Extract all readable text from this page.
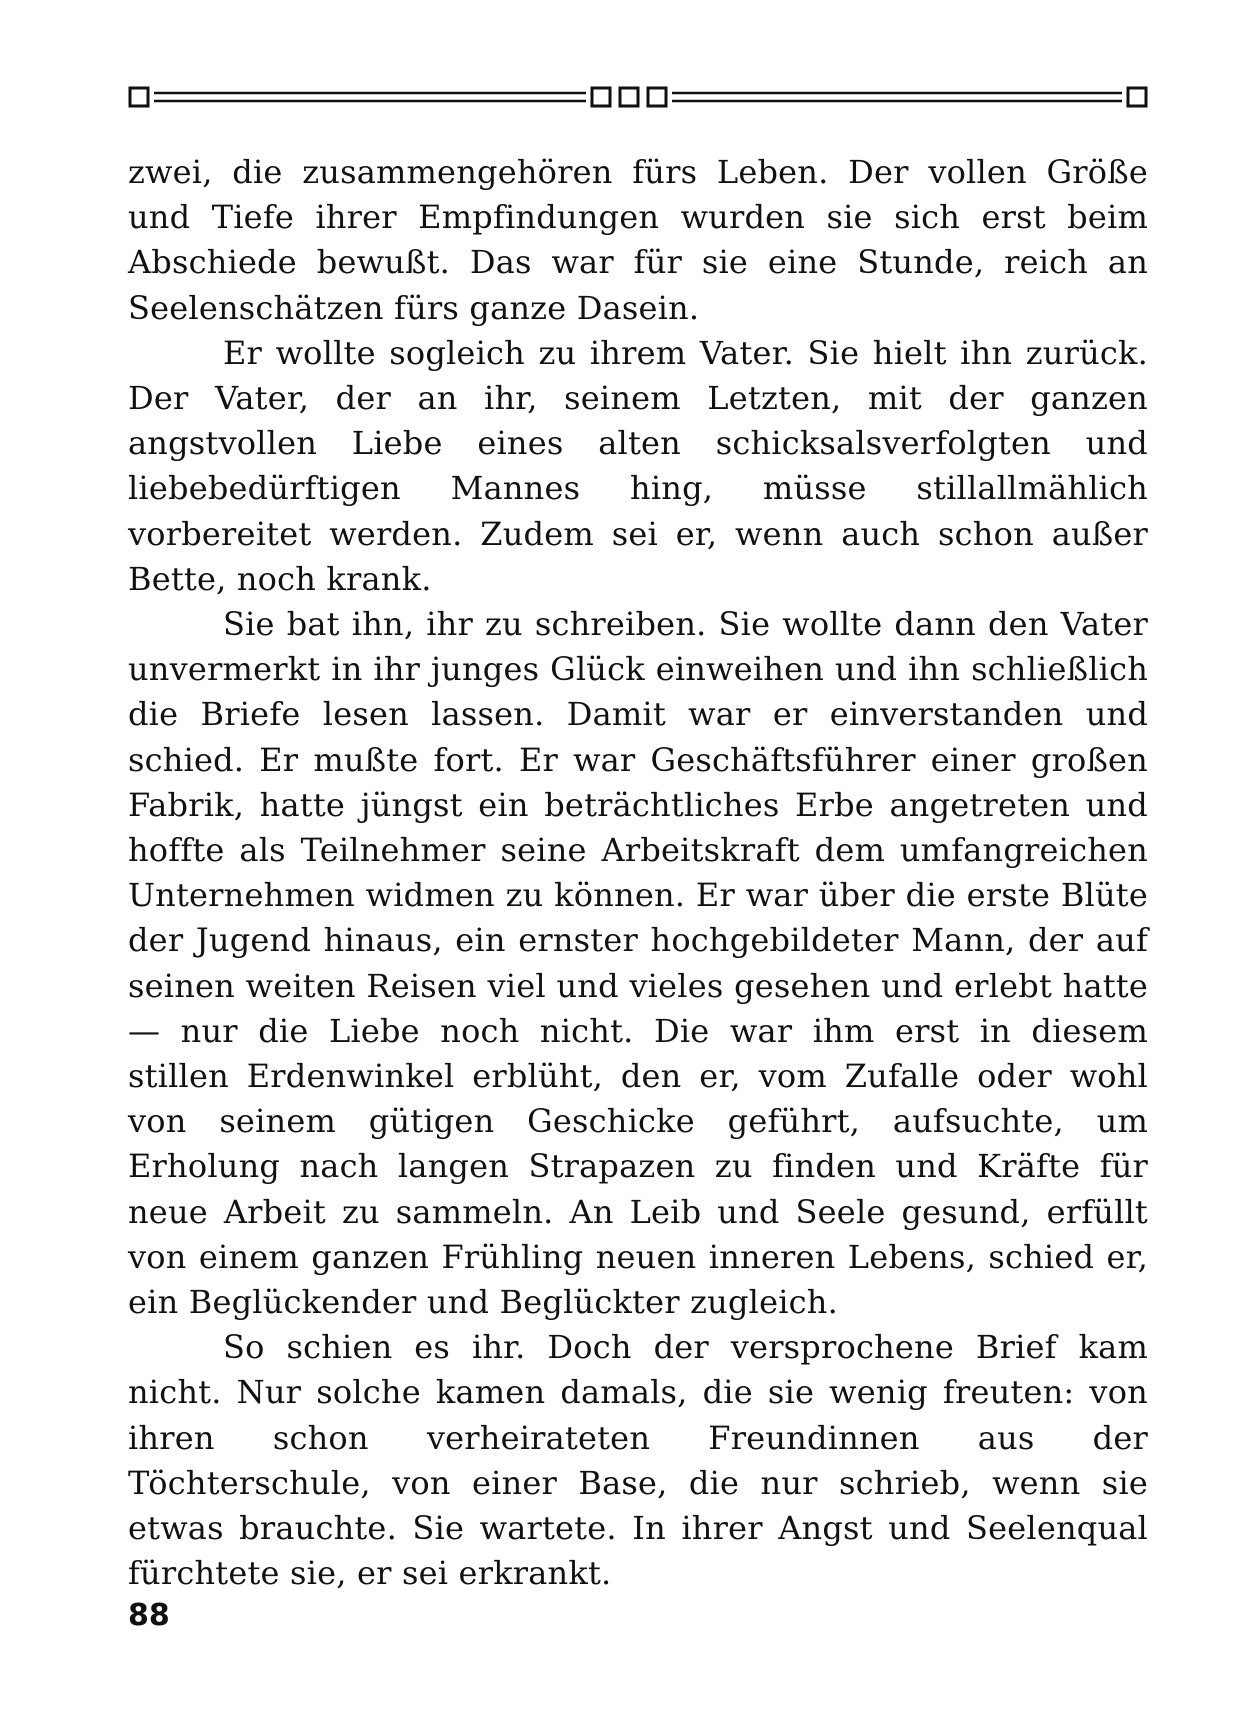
zwei, die zusammengehören fürs Leben. Der vollen Größe und Tiefe ihrer Empfindungen wurden sie sich erst beim Abschiede bewußt. Das war für sie eine Stunde, reich an Seelenschätzen fürs ganze Dasein.

Er wollte sogleich zu ihrem Vater. Sie hielt ihn zurück. Der Vater, der an ihr, seinem Letzten, mit der ganzen angstvollen Liebe eines alten schicksalsverfolgten und liebebedürftigen Mannes hing, müsse stillallmählich vorbereitet werden. Zudem sei er, wenn auch schon außer Bette, noch krank.

Sie bat ihn, ihr zu schreiben. Sie wollte dann den Vater unvermerkt in ihr junges Glück einweihen und ihn schließlich die Briefe lesen lassen. Damit war er einverstanden und schied. Er mußte fort. Er war Geschäftsführer einer großen Fabrik, hatte jüngst ein beträchtliches Erbe angetreten und hoffte als Teilnehmer seine Arbeitskraft dem umfangreichen Unternehmen widmen zu können. Er war über die erste Blüte der Jugend hinaus, ein ernster hochgebildeter Mann, der auf seinen weiten Reisen viel und vieles gesehen und erlebt hatte — nur die Liebe noch nicht. Die war ihm erst in diesem stillen Erdenwinkel erblüht, den er, vom Zufalle oder wohl von seinem gütigen Geschicke geführt, aufsuchte, um Erholung nach langen Strapazen zu finden und Kräfte für neue Arbeit zu sammeln. An Leib und Seele gesund, erfüllt von einem ganzen Frühling neuen inneren Lebens, schied er, ein Beglückender und Beglückter zugleich.

So schien es ihr. Doch der versprochene Brief kam nicht. Nur solche kamen damals, die sie wenig freuten: von ihren schon verheirateten Freundinnen aus der Töchterschule, von einer Base, die nur schrieb, wenn sie etwas brauchte. Sie wartete. In ihrer Angst und Seelenqual fürchtete sie, er sei erkrankt.

88
